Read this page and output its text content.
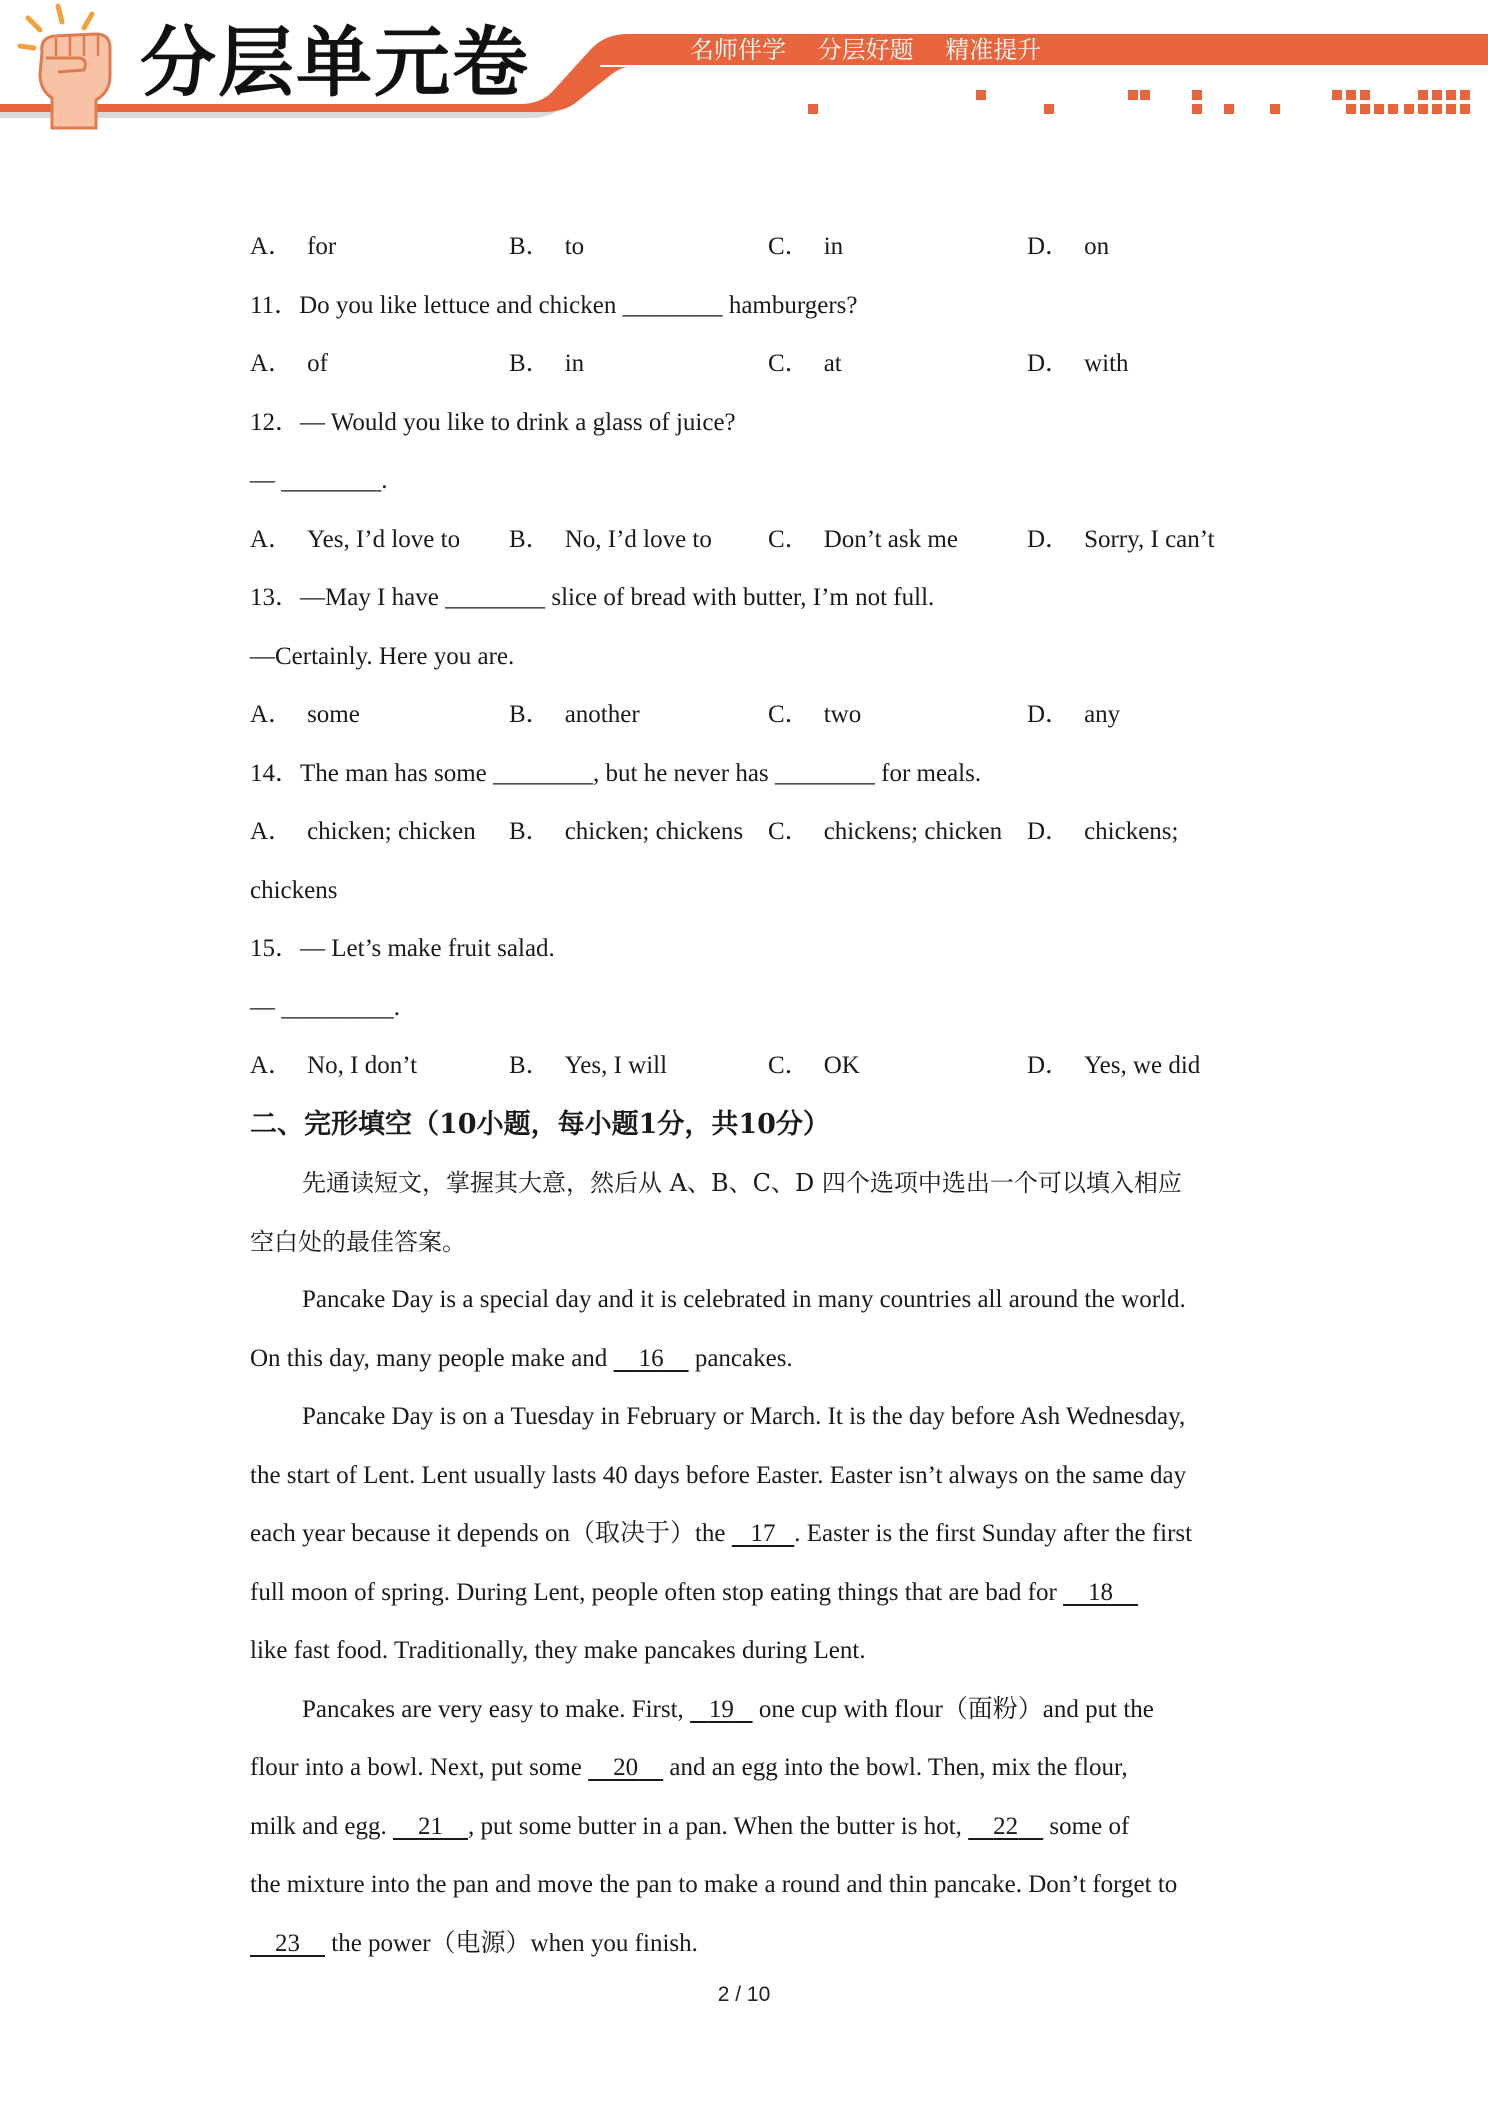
分层单元卷	名师伴学 分层好题 精准提升
A． for	B． to	C． in	D． on
11．Do you like lettuce and chicken ________ hamburgers?
A． of	B． in	C． at	D． with
12．— Would you like to drink a glass of juice?
— ________.
A． Yes, I’d love to	B． No, I’d love to	C． Don’t ask me	D． Sorry, I can’t
13．—May I have ________ slice of bread with butter, I’m not full.
—Certainly. Here you are.
A． some	B． another	C． two	D． any
14．The man has some ________, but he never has ________ for meals.
A． chicken; chicken	B． chicken; chickens C． chickens; chicken D． chickens;
chickens
15．— Let’s make fruit salad.
— _________.
A． No, I don’t	B． Yes, I will	C． OK	D． Yes, we did
二、完形填空（10小题，每小题1分，共10分）
先通读短文，掌握其大意，然后从 A、B、C、D 四个选项中选出一个可以填入相应
空白处的最佳答案。
Pancake Day is a special day and it is celebrated in many countries all around the world.
On this day, many people make and     16     pancakes.
Pancake Day is on a Tuesday in February or March. It is the day before Ash Wednesday,
the start of Lent. Lent usually lasts 40 days before Easter. Easter isn’t always on the same day
each year because it depends on（取决于）the    17 . Easter is the first Sunday after the first
full moon of spring. During Lent, people often stop eating things that are bad for     18
like fast food. Traditionally, they make pancakes during Lent.
Pancakes are very easy to make. First,    19    one cup with flour（面粉）and put the
flour into a bowl. Next, put some     20     and an egg into the bowl. Then, mix the flour,
milk and egg.     21 , put some butter in a pan. When the butter is hot,     22     some of
the mixture into the pan and move the pan to make a round and thin pancake. Don’t forget to
23     the power（电源）when you finish.
2 / 10
